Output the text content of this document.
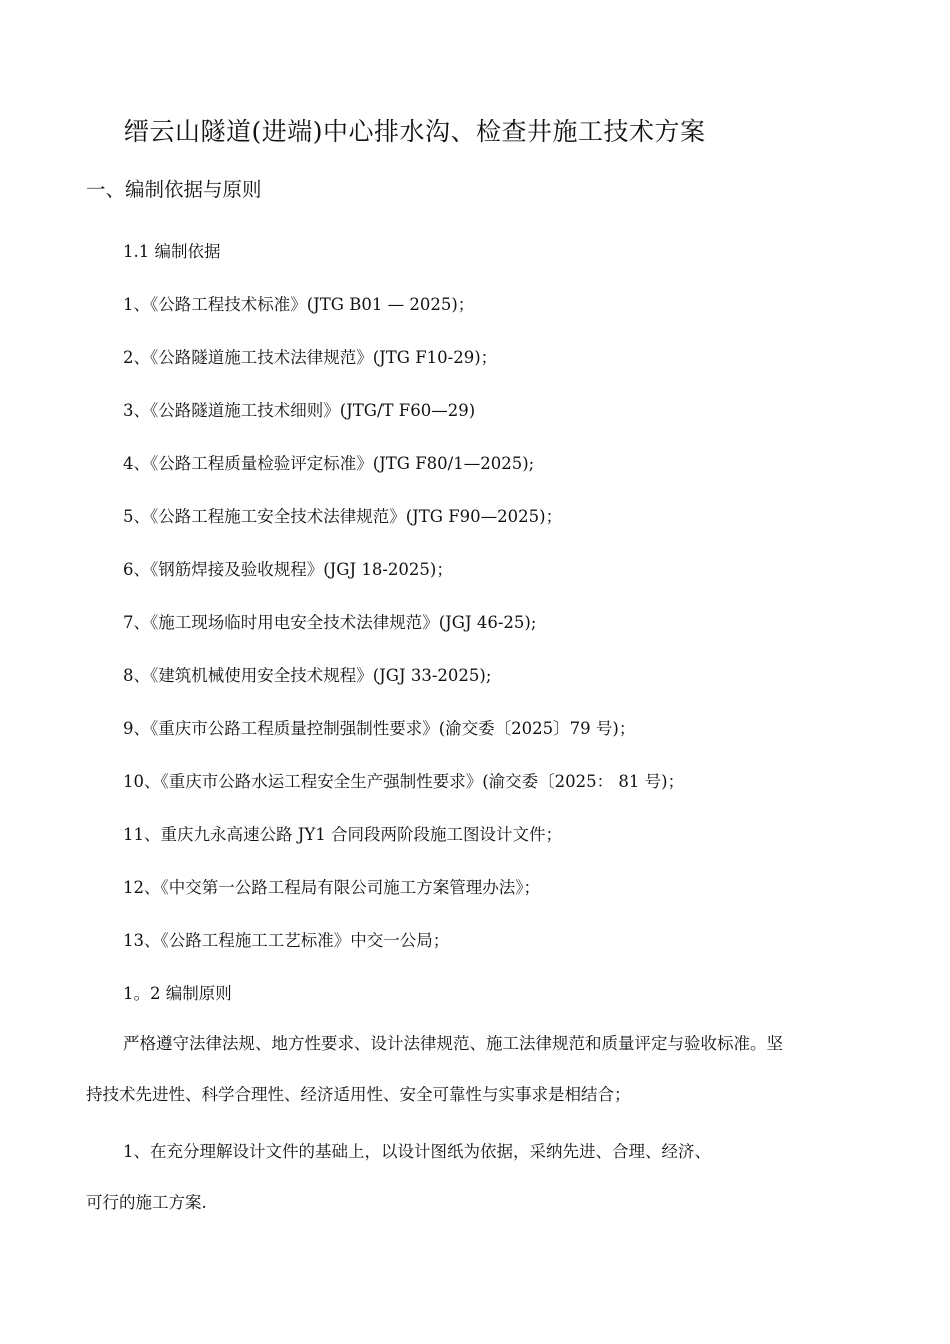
缙云山隧道(进端)中心排水沟、检查井施工技术方案
一、编制依据与原则
1.1 编制依据
1、《公路工程技术标准》(JTG B01 — 2025)；
2、《公路隧道施工技术法律规范》(JTG F10-29)；
3、《公路隧道施工技术细则》(JTG/T F60—29)
4、《公路工程质量检验评定标准》(JTG F80/1—2025);
5、《公路工程施工安全技术法律规范》(JTG F90—2025)；
6、《钢筋焊接及验收规程》(JGJ 18-2025)；
7、《施工现场临时用电安全技术法律规范》(JGJ 46-25);
8、《建筑机械使用安全技术规程》(JGJ 33-2025);
9、《重庆市公路工程质量控制强制性要求》(渝交委〔2025〕79 号)；
10、《重庆市公路水运工程安全生产强制性要求》(渝交委〔2025： 81 号)；
11、重庆九永高速公路 JY1 合同段两阶段施工图设计文件；
12、《中交第一公路工程局有限公司施工方案管理办法》；
13、《公路工程施工工艺标准》中交一公局；
1。2 编制原则
严格遵守法律法规、地方性要求、设计法律规范、施工法律规范和质量评定与验收标准。坚
持技术先进性、科学合理性、经济适用性、安全可靠性与实事求是相结合；
1、在充分理解设计文件的基础上，以设计图纸为依据，采纳先进、合理、经济、
可行的施工方案.
